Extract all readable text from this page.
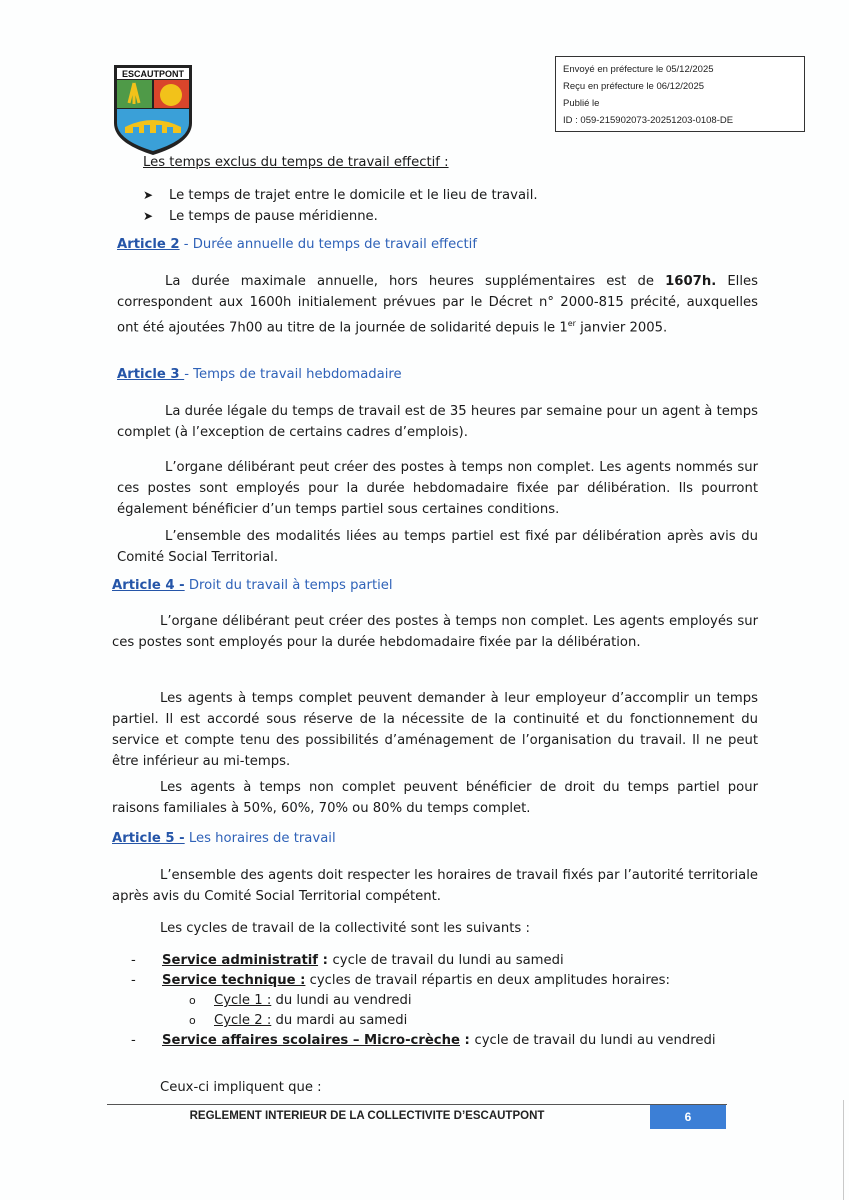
ESCAUTPONT	Envoyé en préfecture le 05/12/2025
Reçu en préfecture le 06/12/2025
Publié le
ID : 059-215902073-20251203-0108-DE
Les temps exclus du temps de travail effectif :
➤	Le temps de trajet entre le domicile et le lieu de travail.
➤	Le temps de pause méridienne.
Article 2 - Durée annuelle du temps de travail effectif
La durée maximale annuelle, hors heures supplémentaires est de 1607h. Elles correspondent aux 1600h initialement prévues par le Décret n° 2000-815 précité, auxquelles ont été ajoutées 7h00 au titre de la journée de solidarité depuis le 1er janvier 2005.
Article 3 - Temps de travail hebdomadaire
La durée légale du temps de travail est de 35 heures par semaine pour un agent à temps complet (à l’exception de certains cadres d’emplois).
L’organe délibérant peut créer des postes à temps non complet. Les agents nommés sur ces postes sont employés pour la durée hebdomadaire fixée par délibération. Ils pourront également bénéficier d’un temps partiel sous certaines conditions.
L’ensemble des modalités liées au temps partiel est fixé par délibération après avis du Comité Social Territorial.
Article 4 - Droit du travail à temps partiel
L’organe délibérant peut créer des postes à temps non complet. Les agents employés sur ces postes sont employés pour la durée hebdomadaire fixée par la délibération.
Les agents à temps complet peuvent demander à leur employeur d’accomplir un temps partiel. Il est accordé sous réserve de la nécessite de la continuité et du fonctionnement du service et compte tenu des possibilités d’aménagement de l’organisation du travail. Il ne peut être inférieur au mi-temps.
Les agents à temps non complet peuvent bénéficier de droit du temps partiel pour raisons familiales à 50%, 60%, 70% ou 80% du temps complet.
Article 5 - Les horaires de travail
L’ensemble des agents doit respecter les horaires de travail fixés par l’autorité territoriale après avis du Comité Social Territorial compétent.
Les cycles de travail de la collectivité sont les suivants :
-	Service administratif : cycle de travail du lundi au samedi
-	Service technique : cycles de travail répartis en deux amplitudes horaires:
o	Cycle 1 : du lundi au vendredi
o	Cycle 2 : du mardi au samedi
-	Service affaires scolaires – Micro-crèche : cycle de travail du lundi au vendredi
Ceux-ci impliquent que :
REGLEMENT INTERIEUR DE LA COLLECTIVITE D’ESCAUTPONT	6
